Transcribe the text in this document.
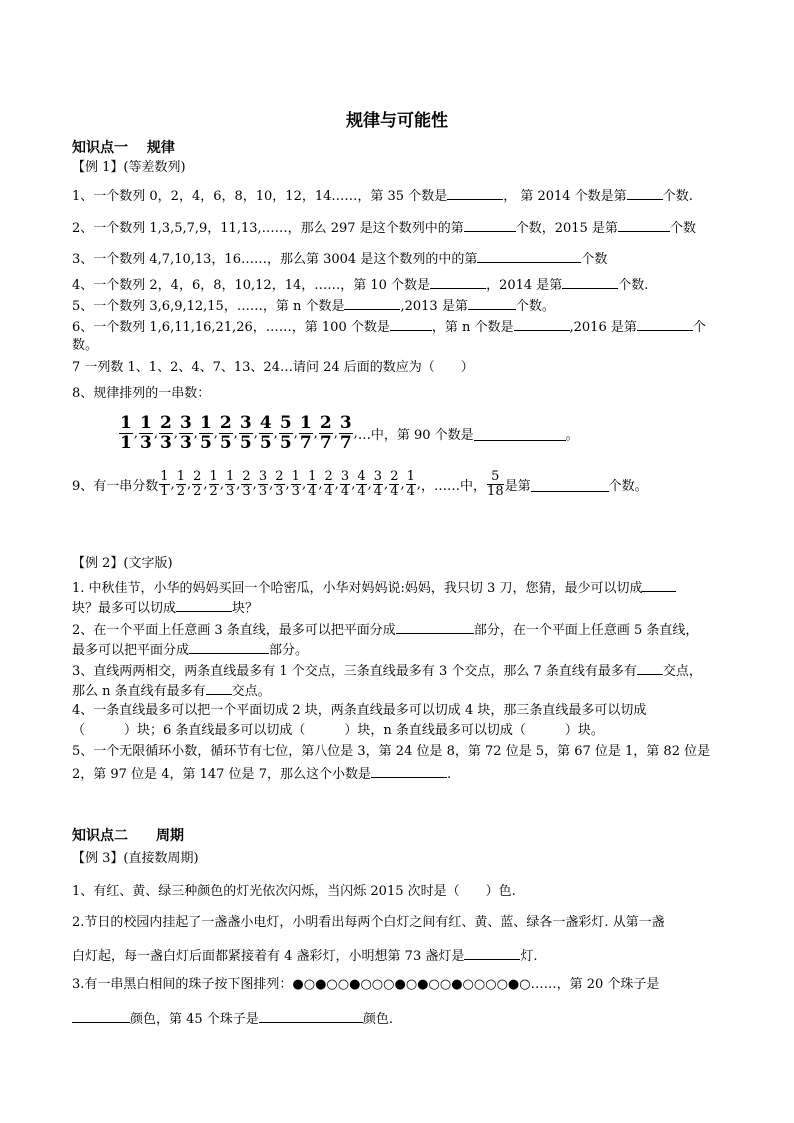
规律与可能性
知识点一　 规律
【例 1】(等差数列)
1、一个数列 0，2，4，6，8，10，12，14……，第 35 个数是	， 第 2014 个数是第	个数.
2、一个数列 1,3,5,7,9，11,13,……，那么 297 是这个数列中的第	个数，2015 是第	个数
3、一个数列 4,7,10,13，16……，那么第 3004 是这个数列的中的第	个数
4、一个数列 2，4，6，8，10,12，14，……，第 10 个数是	，2014 是第	个数.
5、一个数列 3,6,9,12,15，……，第 n 个数是	,2013 是第	个数。
6、一个数列 1,6,11,16,21,26，……，第 100 个数是	，第 n 个数是	,2016 是第	个
数。
7 一列数 1、1、2、4、7、13、24…请问 24 后面的数应为（　　）
8、规律排列的一串数：
$\frac{1}{1}$ , $\frac{1}{3}$ , $\frac{2}{3}$ , $\frac{3}{3}$ , $\frac{1}{5}$ , $\frac{2}{5}$ , $\frac{3}{5}$ , $\frac{4}{5}$ , $\frac{5}{5}$ , $\frac{1}{7}$ , $\frac{2}{7}$ , $\frac{3}{7}$ ,…中，第 90 个数是	。
9、有一串分数 $\frac{1}{1}$ , $\frac{1}{2}$ , $\frac{2}{2}$ , $\frac{1}{2}$ , $\frac{1}{3}$ , $\frac{2}{3}$ , $\frac{3}{3}$ , $\frac{2}{3}$ , $\frac{1}{3}$ , $\frac{1}{4}$ , $\frac{2}{4}$ , $\frac{3}{4}$ , $\frac{4}{4}$ , $\frac{3}{4}$ , $\frac{2}{4}$ , $\frac{1}{4}$ ,，……中， $\frac{5}{18}$ 是第	个数。
【例 2】(文字版)
1. 中秋佳节，小华的妈妈买回一个哈密瓜，小华对妈妈说:妈妈，我只切 3 刀，您猜，最少可以切成
块？最多可以切成	块？
2、在一个平面上任意画 3 条直线，最多可以把平面分成	部分，在一个平面上任意画 5 条直线，
最多可以把平面分成	部分。
3、直线两两相交，两条直线最多有 1 个交点，三条直线最多有 3 个交点，那么 7 条直线有最多有 交点，
那么 n 条直线有最多有 交点。
4、一条直线最多可以把一个平面切成 2 块，两条直线最多可以切成 4 块，那三条直线最多可以切成
（　　　）块；6 条直线最多可以切成（　　　）块，n 条直线最多可以切成（　　　）块。
5、一个无限循环小数，循环节有七位，第八位是 3，第 24 位是 8，第 72 位是 5，第 67 位是 1，第 82 位是
2，第 97 位是 4，第 147 位是 7，那么这个小数是	.
知识点二　　周期
【例 3】(直接数周期)
1、有红、黄、绿三种颜色的灯光依次闪烁，当闪烁 2015 次时是（　　）色.
2.节日的校园内挂起了一盏盏小电灯，小明看出每两个白灯之间有红、黄、蓝、绿各一盏彩灯. 从第一盏
白灯起，每一盏白灯后面都紧接着有 4 盏彩灯，小明想第 73 盏灯是	灯.
3.有一串黑白相间的珠子按下图排列：●○●○○●○○○●○●○○●○○○○●○……，第 20 个珠子是
颜色，第 45 个珠子是	颜色.
